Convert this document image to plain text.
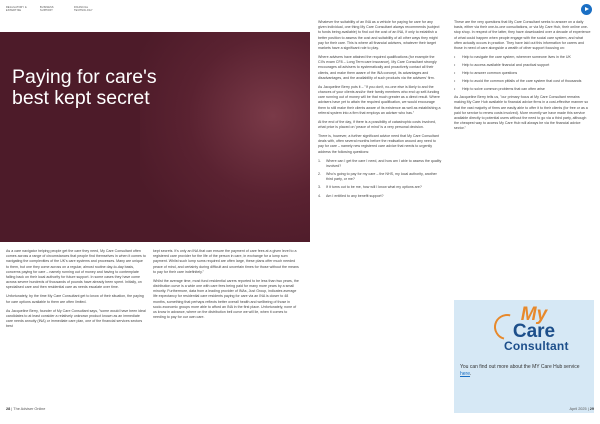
REGULATORY & EXPERTISE
BUSINESS SUPPORT
FINANCIAL TECHNOLOGY
Paying for care's best kept secret

As a care navigator helping people get the care they need, My Care Consultant often comes across a range of circumstances that people find themselves in when it comes to navigating the complexities of the UK's care systems and processes. Many are unique to them, but one they come across on a regular, almost routine day-to-day basis, concerns paying for care – namely running out of money and having to contemplate falling back on their local authority for future support. In some cases they have come across severe hundreds of thousands of pounds have already been spent. Initially, on specialised care and then residential care as needs escalate over time.

Unfortunately, by the time My Care Consultant get to know of their situation, the paying for care options available to them are often limited.

As Jacqueline Berry, founder of My Care Consultant says, "some would have been ideal candidates to at least consider a relatively unknown product known as an immediate care needs annuity (INA) or immediate care plan, one of the financial services sectors best

kept secrets. It's only an INA that can ensure the payment of care fees at a given level to a registered care provider for the life of the person in care, in exchange for a lump sum payment. Whilst such lump sums required are often large, these plans offer much needed peace of mind, and certainty during difficult and uncertain times for those without the means to pay for their care indefinitely."

Whilst the average time, most fund residential carers reported to be less than two years, the distribution curve is a wide one with care fees being paid for many more years by a small minority. Furthermore, data from a leading provider of INAs, Just Group, indicates average life expectancy for residential care residents paying for care via an INA is closer to 48 months, something that perhaps reflects better overall health and wellbeing of those in socio-economic groups more able to afford an INA in the first place. Unfortunately, none of us know in advance, where on the distribution bell curve we will lie, when it comes to needing to pay for our own care.

Whatever the suitability of an INA as a vehicle for paying for care for any given individual, one thing My Care Consultant always recommends (subject to funds being available) to find out the cost of an INA, if only to establish a better position to assess the cost and suitability of all other ways they might pay for their care. This is where all financial advisers, whatever their target markets have a significant role to play.

Where advisers have attained the required qualifications (for example the CII's exam CF8 – Long Term care insurance), My Care Consultant strongly encourages all advisers to systematically and proactively contact all their clients, and make them aware of the INA concept, its advantages and disadvantages, and the availability of such products via the advisers' firm.

As Jacqueline Berry puts it – "If you don't, no-one else is likely to and the chances of your clients and/or their family members who end up self-funding care running out of money will be that much greater as a direct result. Where advisers have yet to attain the required qualification, we would encourage them to still make their clients aware of its existence as well as establishing a referral system into a firm that employs an adviser who has."

At the end of the day, if there is a possibility of catastrophic costs involved, what price is placed on 'peace of mind' is a very personal decision.

There is, however, a further significant advice need that My Care Consultant deals with, often several months before the realisation around any need to pay for care – namely new registered care advice that needs to urgently address the following questions:

1.	Where can I get the care I need, and how am I able to assess the quality involved?
2.	Who's going to pay for my care – the NHS, my local authority, another third party, or me?
3.	If it turns out to be me, how will I know what my options are?
4.	Am I entitled to any benefit support?

These are the very questions that My Care Consultant seeks to answer on a daily basis, either via their one-to-one consultations, or via My Care Hub, their online one-stop shop. In respect of the latter, they have downloaded over a decade of experience of what could happen when people engage with the social care system, and what often actually occurs in practice. They have laid out this information for carers and those in need of care alongside a wealth of other support focusing on:

•	Help to navigate the care system, wherever someone lives in the UK
•	Help to access available financial and practical support
•	Help to answer common questions
•	Help to avoid the common pitfalls of the care system that cost of thousands
•	Help to solve common problems that can often arise

As Jacqueline Berry tells us, "our primary focus at My Care Consultant remains making My Care Hub available to financial advice firms in a cost-effective manner so that the vast majority of firms are easily able to offer it to their clients (for free or as a paid for service to renew costs involved). More recently we have made this service available directly to potential users without the need to go via a third party, although the cheapest way to access My Care Hub will always be via the financial advice sector."

My
Care
Consultant
You can find out more about the MY Care Hub service here.
28 | The Adviser Online	April 2025 | 29
